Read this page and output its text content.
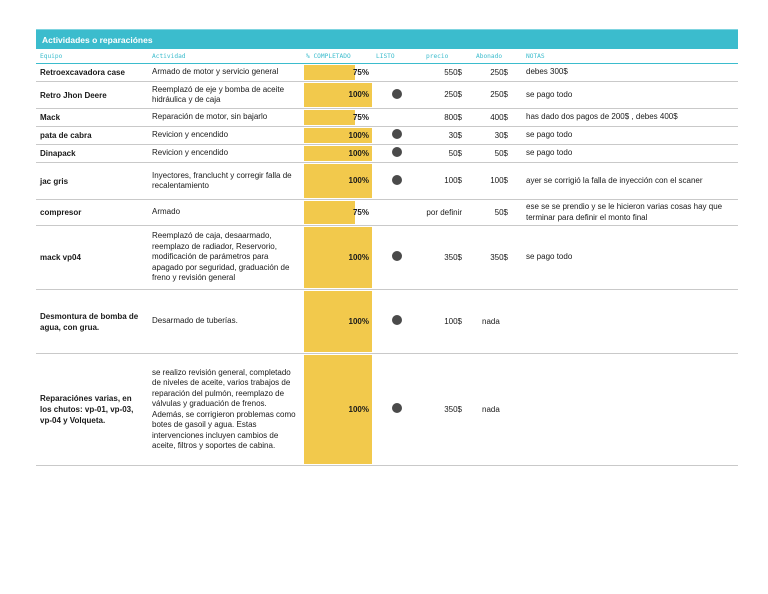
Actividades o reparaciónes
Equipo	Actividad	% COMPLETADO	LISTO	precio	Abonado	NOTAS
Retroexcavadora case	Armado de motor y servicio general	75%		550$	250$	debes 300$
Retro Jhon Deere	Reemplazó de eje y bomba de aceite hidráulica y de caja	100%		250$	250$	se pago todo
Mack	Reparación de motor, sin bajarlo	75%		800$	400$	has dado dos pagos de 200$ , debes 400$
pata de cabra	Revicion y encendido	100%		30$	30$	se pago todo
Dinapack	Revicion y encendido	100%		50$	50$	se pago todo
jac gris	Inyectores, franclucht y corregir falla de recalentamiento	100%		100$	100$	ayer se corrigió la falla de inyección con el scaner
compresor	Armado	75%		por definir	50$	ese se se prendio y se le hicieron varias cosas hay que terminar para definir el monto final
mack vp04	Reemplazó de caja, desaarmado, reemplazo de radiador, Reservorio, modificación de parámetros para apagado por seguridad, graduación de freno y revisión general	100%		350$	350$	se pago todo
Desmontura de bomba de agua, con grua.	Desarmado de tuberías.	100%		100$	nada	
Reparaciónes varias, en los chutos: vp-01, vp-03, vp-04 y Volqueta.	se realizo revisión general, completado de niveles de aceite, varios trabajos de reparación del pulmón, reemplazo de válvulas y graduación de frenos. Además, se corrigieron problemas como botes de gasoil y agua. Estas intervenciones incluyen cambios de aceite, filtros y soportes de cabina.	100%		350$	nada	
